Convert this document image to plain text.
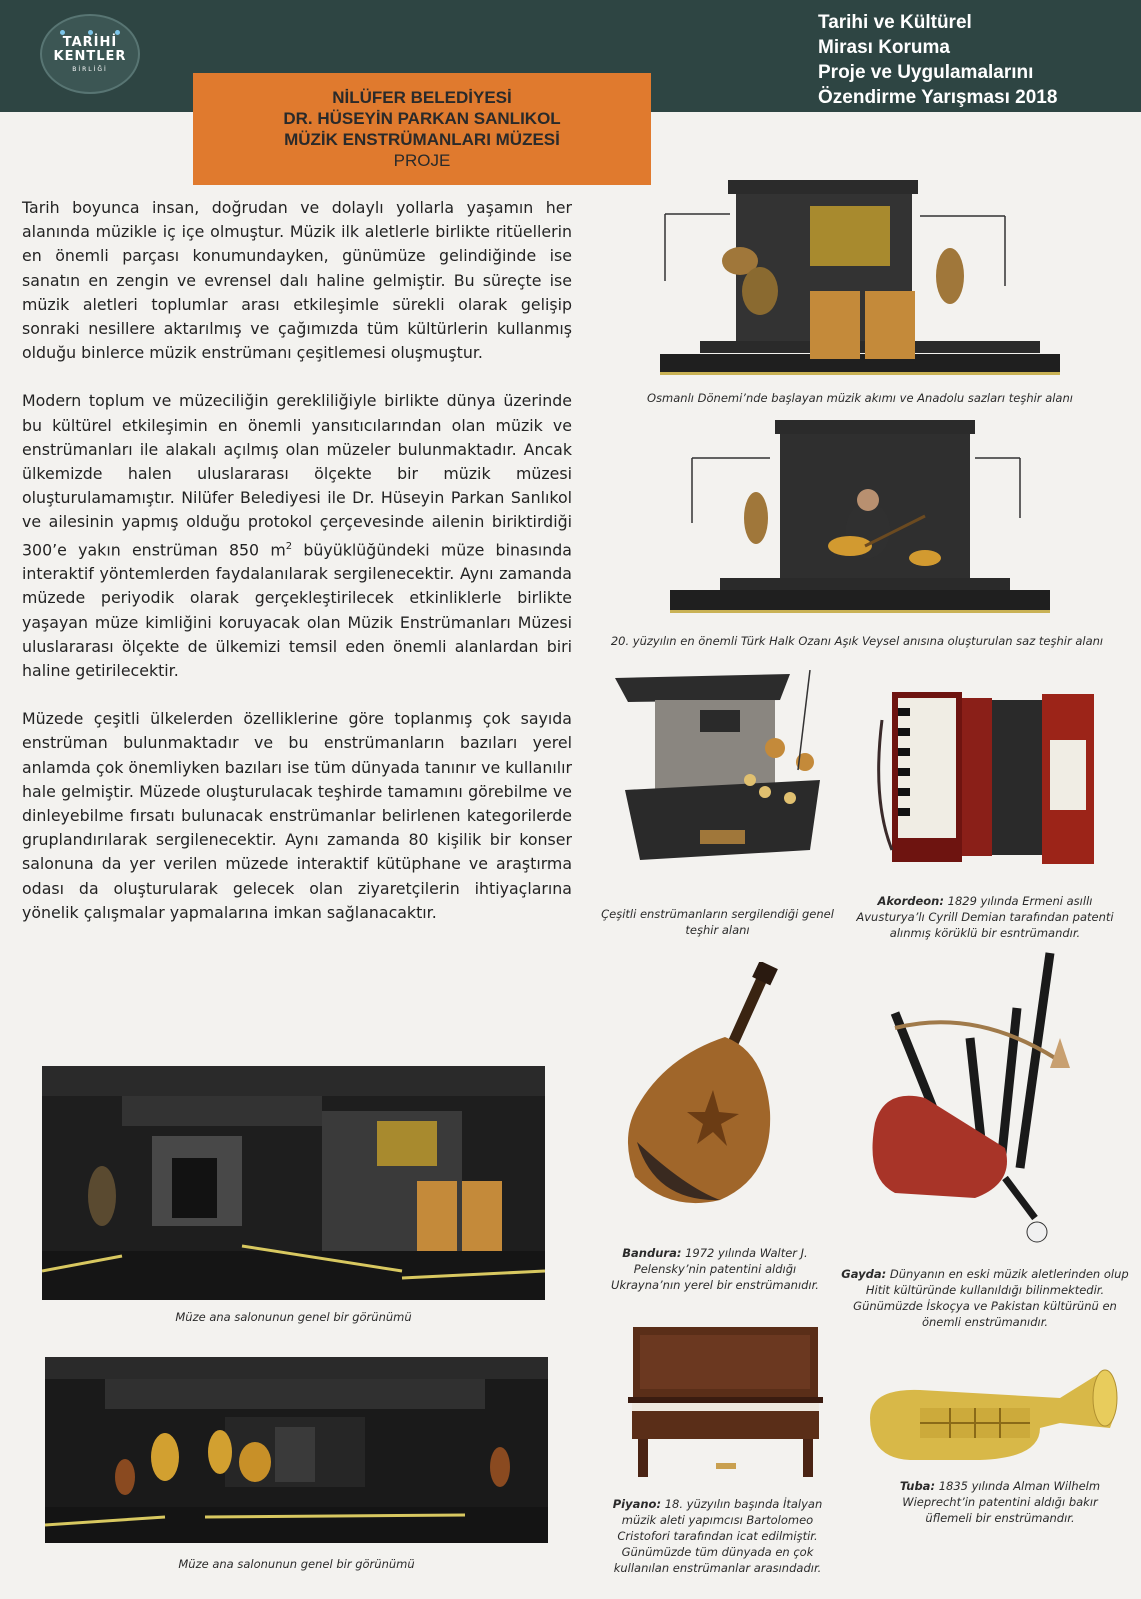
TARİHİ
KENTLER
BİRLİĞİ
Tarihi ve Kültürel
Mirası Koruma
Proje ve Uygulamalarını
Özendirme Yarışması 2018
NİLÜFER BELEDİYESİ
DR. HÜSEYİN PARKAN SANLIKOL
MÜZİK ENSTRÜMANLARI MÜZESİ
PROJE

Tarih boyunca insan, doğrudan ve dolaylı yollarla yaşamın her alanında müzikle iç içe olmuştur. Müzik ilk aletlerle birlikte ritüellerin en önemli parçası konumundayken, günümüze gelindiğinde ise sanatın en zengin ve evrensel dalı haline gelmiştir. Bu süreçte ise müzik aletleri toplumlar arası etkileşimle sürekli olarak gelişip sonraki nesillere aktarılmış ve çağımızda tüm kültürlerin kullanmış olduğu binlerce müzik enstrümanı çeşitlemesi oluşmuştur.

Modern toplum ve müzeciliğin gerekliliğiyle birlikte dünya üzerinde bu kültürel etkileşimin en önemli yansıtıcılarından olan müzik ve enstrümanları ile alakalı açılmış olan müzeler bulunmaktadır. Ancak ülkemizde halen uluslararası ölçekte bir müzik müzesi oluşturulamamıştır. Nilüfer Belediyesi ile Dr. Hüseyin Parkan Sanlıkol ve ailesinin yapmış olduğu protokol çerçevesinde ailenin biriktirdiği 300’e yakın enstrüman 850 $m^2$ büyüklüğündeki müze binasında interaktif yöntemlerden faydalanılarak sergilenecektir. Aynı zamanda müzede periyodik olarak gerçekleştirilecek etkinliklerle birlikte yaşayan müze kimliğini koruyacak olan Müzik Enstrümanları Müzesi uluslararası ölçekte de ülkemizi temsil eden önemli alanlardan biri haline getirilecektir.

Müzede çeşitli ülkelerden özelliklerine göre toplanmış çok sayıda enstrüman bulunmaktadır ve bu enstrümanların bazıları yerel anlamda çok önemliyken bazıları ise tüm dünyada tanınır ve kullanılır hale gelmiştir. Müzede oluşturulacak teşhirde tamamını görebilme ve dinleyebilme fırsatı bulunacak enstrümanlar belirlenen kategorilerde gruplandırılarak sergilenecektir. Aynı zamanda 80 kişilik bir konser salonuna da yer verilen müzede interaktif kütüphane ve araştırma odası da oluşturularak gelecek olan ziyaretçilerin ihtiyaçlarına yönelik çalışmalar yapmalarına imkan sağlanacaktır.

Osmanlı Dönemi’nde başlayan müzik akımı ve Anadolu sazları teşhir alanı
20. yüzyılın en önemli Türk Halk Ozanı Aşık Veysel anısına oluşturulan saz teşhir alanı
Çeşitli enstrümanların sergilendiği genel teşhir alanı
Akordeon: 1829 yılında Ermeni asıllı Avusturya’lı Cyrill Demian tarafından patenti alınmış körüklü bir esntrümandır.
Bandura: 1972 yılında Walter J. Pelensky’nin patentini aldığı Ukrayna’nın yerel bir enstrümanıdır.
Gayda: Dünyanın en eski müzik aletlerinden olup Hitit kültüründe kullanıldığı bilinmektedir. Günümüzde İskoçya ve Pakistan kültürünü en önemli enstrümanıdır.
Piyano: 18. yüzyılın başında İtalyan müzik aleti yapımcısı Bartolomeo Cristofori tarafından icat edilmiştir. Günümüzde tüm dünyada en çok kullanılan enstrümanlar arasındadır.
Tuba: 1835 yılında Alman Wilhelm Wieprecht’in patentini aldığı bakır üflemeli bir enstrümandır.
Müze ana salonunun genel bir görünümü
Müze ana salonunun genel bir görünümü
